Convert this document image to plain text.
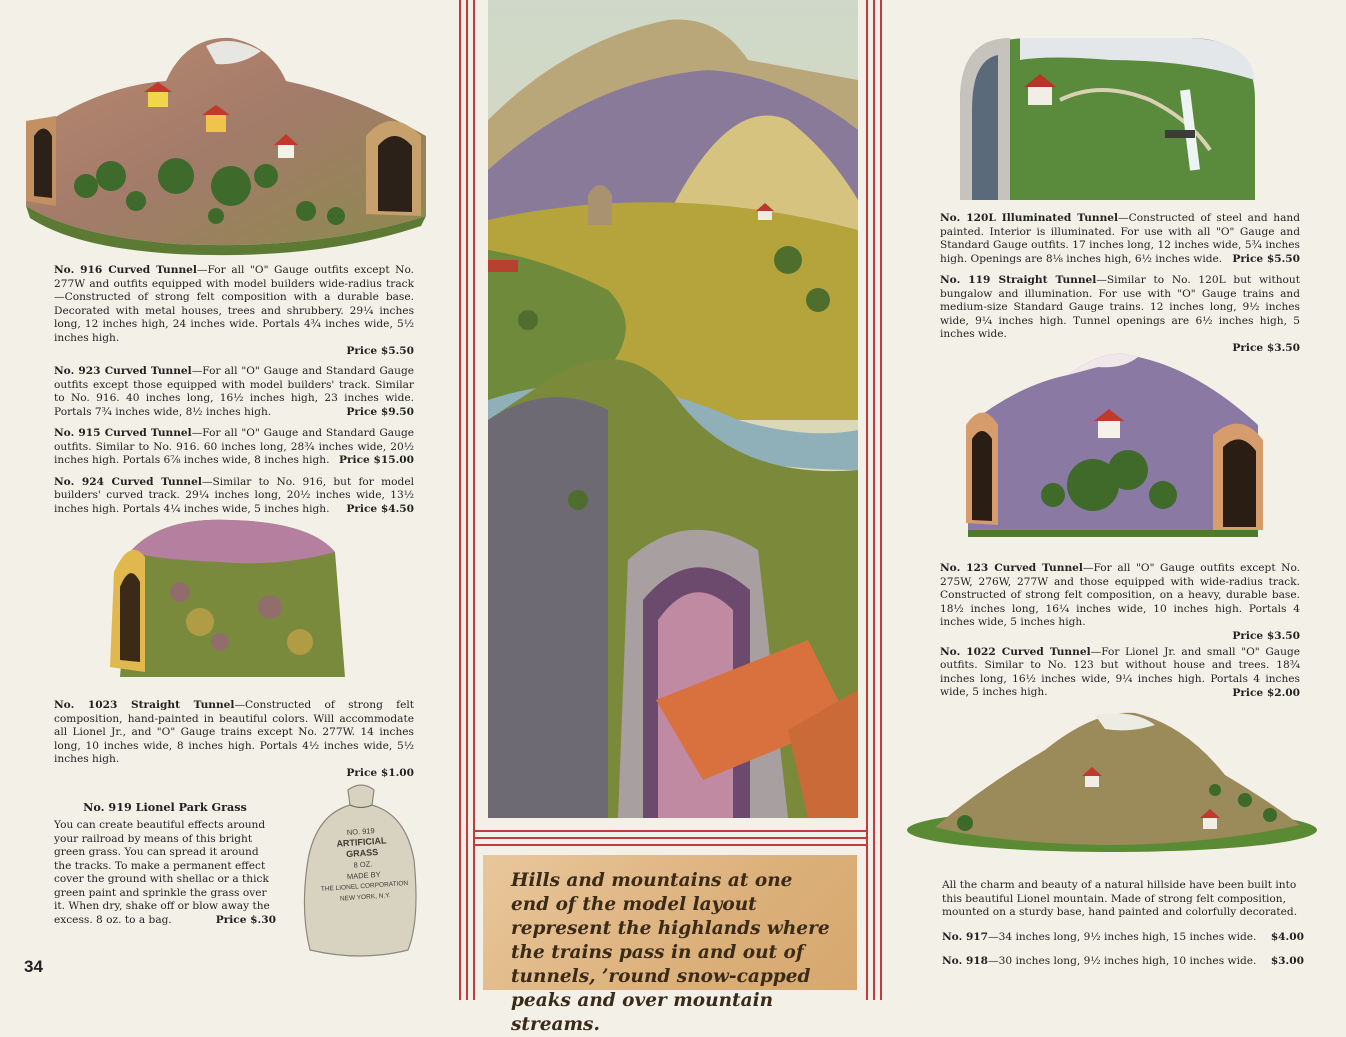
No. 916 Curved Tunnel—For all "O" Gauge outfits except No. 277W and outfits equipped with model builders wide-radius track—Constructed of strong felt composition with a durable base. Decorated with metal houses, trees and shrubbery. 29¼ inches long, 12 inches high, 24 inches wide. Portals 4¾ inches wide, 5½ inches high.

Price $5.50

No. 923 Curved Tunnel—For all "O" Gauge and Standard Gauge outfits except those equipped with model builders' track. Similar to No. 916. 40 inches long, 16½ inches high, 23 inches wide. Portals 7¾ inches wide, 8½ inches high.	Price $9.50

No. 915 Curved Tunnel—For all "O" Gauge and Standard Gauge outfits. Similar to No. 916. 60 inches long, 28¾ inches wide, 20½ inches high. Portals 6⅞ inches wide, 8 inches high. Price $15.00

No. 924 Curved Tunnel—Similar to No. 916, but for model builders' curved track. 29¼ inches long, 20½ inches wide, 13½ inches high. Portals 4¼ inches wide, 5 inches high. Price $4.50

No. 1023 Straight Tunnel—Constructed of strong felt composition, hand-painted in beautiful colors. Will accommodate all Lionel Jr., and "O" Gauge trains except No. 277W. 14 inches long, 10 inches wide, 8 inches high. Portals 4½ inches wide, 5½ inches high.

Price $1.00
No. 919 Lionel Park Grass

You can create beautiful effects around your railroad by means of this bright green grass. You can spread it around the tracks. To make a permanent effect cover the ground with shellac or a thick green paint and sprinkle the grass over it. When dry, shake off or blow away the excess. 8 oz. to a bag.	Price $.30
NO. 919
ARTIFICIAL
GRASS
8 OZ.
MADE BY
THE LIONEL CORPORATION
NEW YORK, N.Y.
34

Hills and mountains at one end of the model layout represent the highlands where the trains pass in and out of tunnels, ’round snow-capped peaks and over mountain streams.

No. 120L Illuminated Tunnel—Constructed of steel and hand painted. Interior is illuminated. For use with all "O" Gauge and Standard Gauge outfits. 17 inches long, 12 inches wide, 5¾ inches high. Openings are 8⅛ inches high, 6½ inches wide. Price $5.50

No. 119 Straight Tunnel—Similar to No. 120L but without bungalow and illumination. For use with "O" Gauge trains and medium-size Standard Gauge trains. 12 inches long, 9½ inches wide, 9¼ inches high. Tunnel openings are 6½ inches high, 5 inches wide.

Price $3.50

No. 123 Curved Tunnel—For all "O" Gauge outfits except No. 275W, 276W, 277W and those equipped with wide-radius track. Constructed of strong felt composition, on a heavy, durable base. 18½ inches long, 16¼ inches wide, 10 inches high. Portals 4 inches wide, 5 inches high.

Price $3.50

No. 1022 Curved Tunnel—For Lionel Jr. and small "O" Gauge outfits. Similar to No. 123 but without house and trees. 18¾ inches long, 16½ inches wide, 9¼ inches high. Portals 4 inches wide, 5 inches high.	Price $2.00

All the charm and beauty of a natural hillside have been built into this beautiful Lionel mountain. Made of strong felt composition, mounted on a sturdy base, hand painted and colorfully decorated.

No. 917—34 inches long, 9½ inches high, 15 inches wide. $4.00
No. 918—30 inches long, 9½ inches high, 10 inches wide. $3.00
